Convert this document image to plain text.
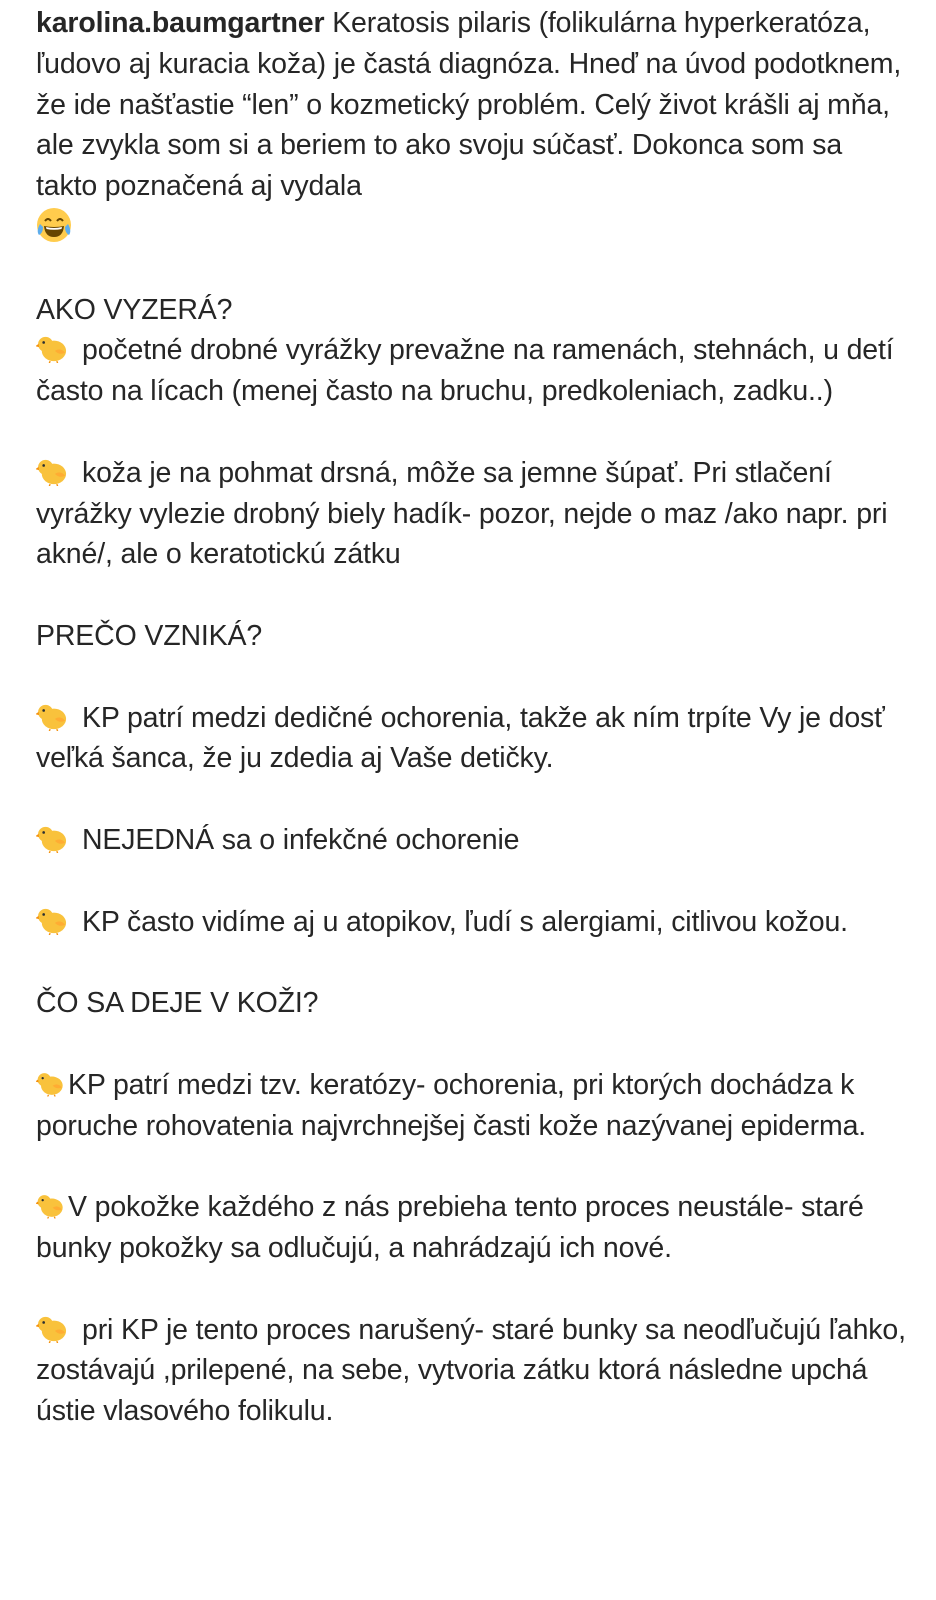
karolina.baumgartner Keratosis pilaris (folikulárna hyperkeratóza, ľudovo aj kuracia koža) je častá diagnóza. Hneď na úvod podotknem, že ide našťastie “len” o kozmetický problém. Celý život krášli aj mňa, ale zvykla som si a beriem to ako svoju súčasť. Dokonca som sa takto poznačená aj vydala

AKO VYZERÁ?

početné drobné vyrážky prevažne na ramenách, stehnách, u detí často na lícach (menej často na bruchu, predkoleniach, zadku..)

koža je na pohmat drsná, môže sa jemne šúpať. Pri stlačení vyrážky vylezie drobný biely hadík- pozor, nejde o maz /ako napr. pri akné/, ale o keratotickú zátku

PREČO VZNIKÁ?

KP patrí medzi dedičné ochorenia, takže ak ním trpíte Vy je dosť veľká šanca, že ju zdedia aj Vaše detičky.

NEJEDNÁ sa o infekčné ochorenie

KP často vidíme aj u atopikov, ľudí s alergiami, citlivou kožou.

ČO SA DEJE V KOŽI?

KP patrí medzi tzv. keratózy- ochorenia, pri ktorých dochádza k poruche rohovatenia najvrchnejšej časti kože nazývanej epiderma.

V pokožke každého z nás prebieha tento proces neustále- staré bunky pokožky sa odlučujú, a nahrádzajú ich nové.

pri KP je tento proces narušený- staré bunky sa neodľučujú ľahko, zostávajú ,prilepené, na sebe, vytvoria zátku ktorá následne upchá ústie vlasového folikulu.
